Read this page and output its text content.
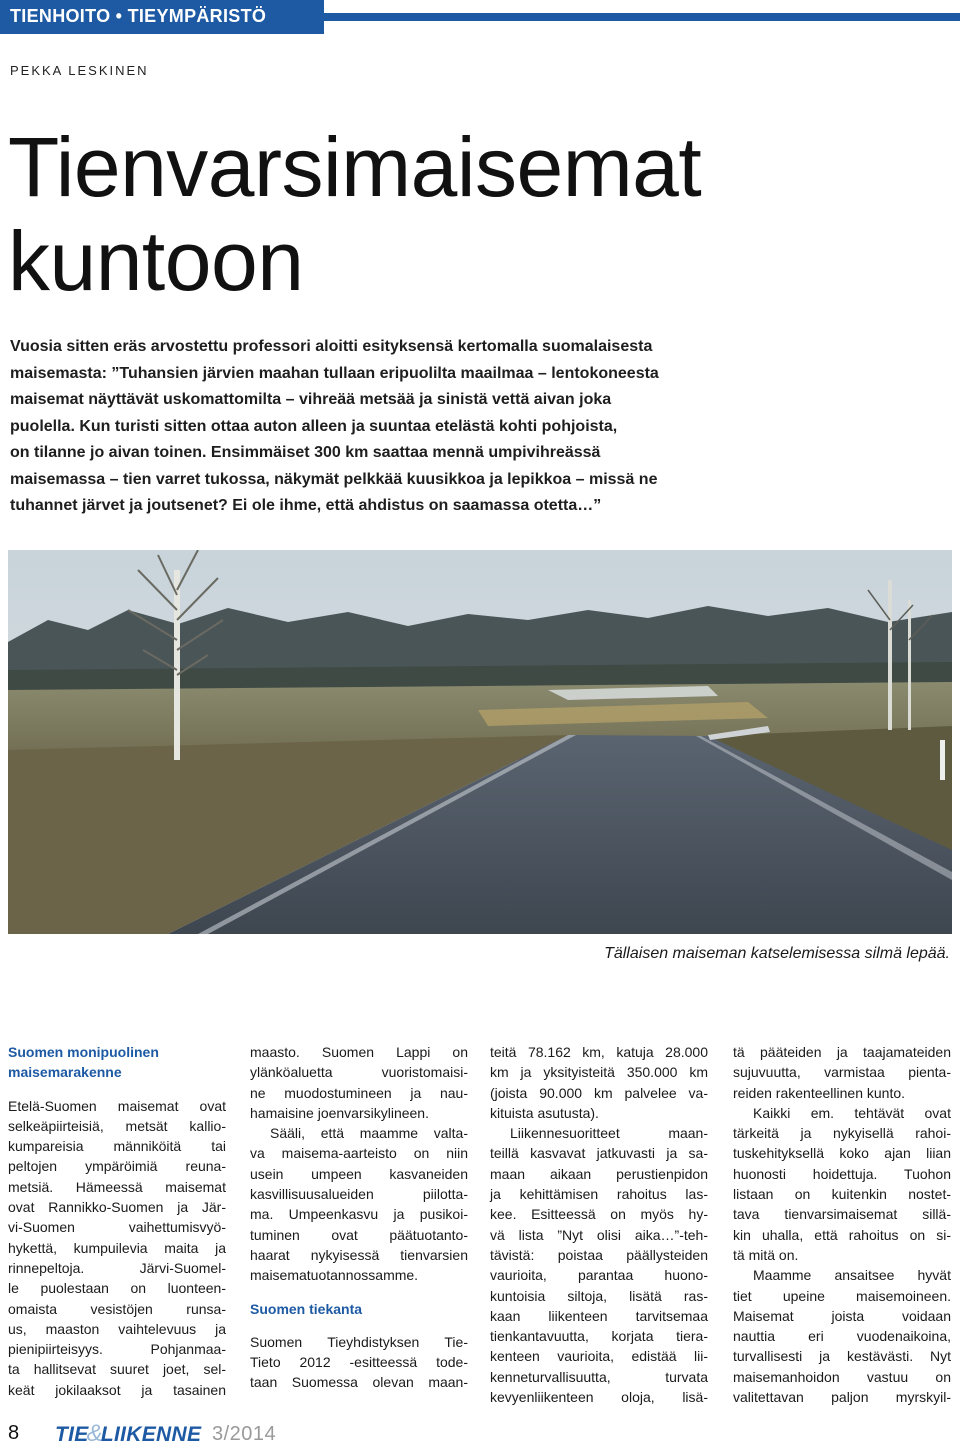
TIENHOITO • TIEYMPÄRISTÖ
PEKKA LESKINEN
Tienvarsimaisemat
kuntoon

Vuosia sitten eräs arvostettu professori aloitti esityksensä kertomalla suomalaisesta
maisemasta: ”Tuhansien järvien maahan tullaan eripuolilta maailmaa – lentokoneesta
maisemat näyttävät uskomattomilta – vihreää metsää ja sinistä vettä aivan joka
puolella. Kun turisti sitten ottaa auton alleen ja suuntaa etelästä kohti pohjoista,
on tilanne jo aivan toinen. Ensimmäiset 300 km saattaa mennä umpivihreässä
maisemassa – tien varret tukossa, näkymät pelkkää kuusikkoa ja lepikkoa – missä ne
tuhannet järvet ja joutsenet? Ei ole ihme, että ahdistus on saamassa otetta…”

Tällaisen maiseman katselemisessa silmä lepää.
Suomen monipuolinen
maisemarakenne
Etelä-Suomen maisemat ovat
selkeäpiirteisiä, metsät kallio-
kumpareisia männiköitä tai
peltojen ympäröimiä reuna-
metsiä. Hämeessä maisemat
ovat Rannikko-Suomen ja Jär-
vi-Suomen vaihettumisvyö-
hykettä, kumpuilevia maita ja
rinnepeltoja. Järvi-Suomel-
le puolestaan on luonteen-
omaista vesistöjen runsa-
us, maaston vaihtelevuus ja
pienipiirteisyys. Pohjanmaa-
ta hallitsevat suuret joet, sel-
keät jokilaaksot ja tasainen
maasto. Suomen Lappi on
ylänköaluetta vuoristomaisi-
ne muodostumineen ja nau-
hamaisine joenvarsikylineen.
Sääli, että maamme valta-
va maisema-aarteisto on niin
usein umpeen kasvaneiden
kasvillisuusalueiden piilotta-
ma. Umpeenkasvu ja pusikoi-
tuminen ovat päätuotanto-
haarat nykyisessä tienvarsien
maisematuotannossamme.
Suomen tiekanta
Suomen Tieyhdistyksen Tie-
Tieto 2012 -esitteessä tode-
taan Suomessa olevan maan-
teitä 78.162 km, katuja 28.000
km ja yksityisteitä 350.000 km
(joista 90.000 km palvelee va-
kituista asutusta).
Liikennesuoritteet maan-
teillä kasvavat jatkuvasti ja sa-
maan aikaan perustienpidon
ja kehittämisen rahoitus las-
kee. Esitteessä on myös hy-
vä lista ”Nyt olisi aika…”-teh-
tävistä: poistaa päällysteiden
vaurioita, parantaa huono-
kuntoisia siltoja, lisätä ras-
kaan liikenteen tarvitsemaa
tienkantavuutta, korjata tiera-
kenteen vaurioita, edistää lii-
kenneturvallisuutta, turvata
kevyenliikenteen oloja, lisä-
tä pääteiden ja taajamateiden
sujuvuutta, varmistaa pienta-
reiden rakenteellinen kunto.
Kaikki em. tehtävät ovat
tärkeitä ja nykyisellä rahoi-
tuskehityksellä koko ajan liian
huonosti hoidettuja. Tuohon
listaan on kuitenkin nostet-
tava tienvarsimaisemat sillä-
kin uhalla, että rahoitus on si-
tä mitä on.
Maamme ansaitsee hyvät
tiet upeine maisemoineen.
Maisemat joista voidaan
nauttia eri vuodenaikoina,
turvallisesti ja kestävästi. Nyt
maisemanhoidon vastuu on
valitettavan paljon myrskyil-
8 TIE&LIIKENNE 3/2014
